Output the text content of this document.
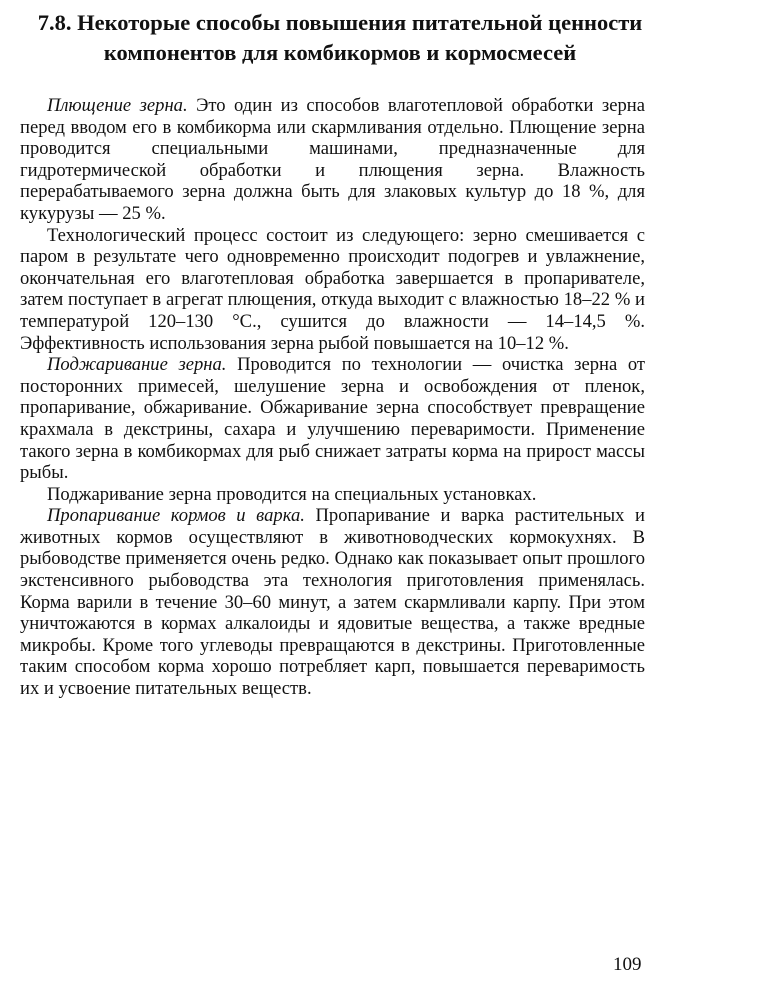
7.8. Некоторые способы повышения питательной ценности компонентов для комбикормов и кормосмесей

Плющение зерна. Это один из способов влаготепловой обработки зерна перед вводом его в комбикорма или скармливания отдельно. Плющение зерна проводится специальными машинами, предназначенные для гидротермической обработки и плющения зерна. Влажность перерабатываемого зерна должна быть для злаковых культур до 18 %, для кукурузы — 25 %.

Технологический процесс состоит из следующего: зерно смешивается с паром в результате чего одновременно происходит подогрев и увлажнение, окончательная его влаготепловая обработка завершается в пропаривателе, затем поступает в агрегат плющения, откуда выходит с влажностью 18–22 % и температурой 120–130 °С., сушится до влажности — 14–14,5 %. Эффективность использования зерна рыбой повышается на 10–12 %.

Поджаривание зерна. Проводится по технологии — очистка зерна от посторонних примесей, шелушение зерна и освобождения от пленок, пропаривание, обжаривание. Обжаривание зерна способствует превращение крахмала в декстрины, сахара и улучшению переваримости. Применение такого зерна в комбикормах для рыб снижает затраты корма на прирост массы рыбы.

Поджаривание зерна проводится на специальных установках.

Пропаривание кормов и варка. Пропаривание и варка растительных и животных кормов осуществляют в животноводческих кормокухнях. В рыбоводстве применяется очень редко. Однако как показывает опыт прошлого экстенсивного рыбоводства эта технология приготовления применялась. Корма варили в течение 30–60 минут, а затем скармливали карпу. При этом уничтожаются в кормах алкалоиды и ядовитые вещества, а также вредные микробы. Кроме того углеводы превращаются в декстрины. Приготовленные таким способом корма хорошо потребляет карп, повышается переваримость их и усвоение питательных веществ.

109
